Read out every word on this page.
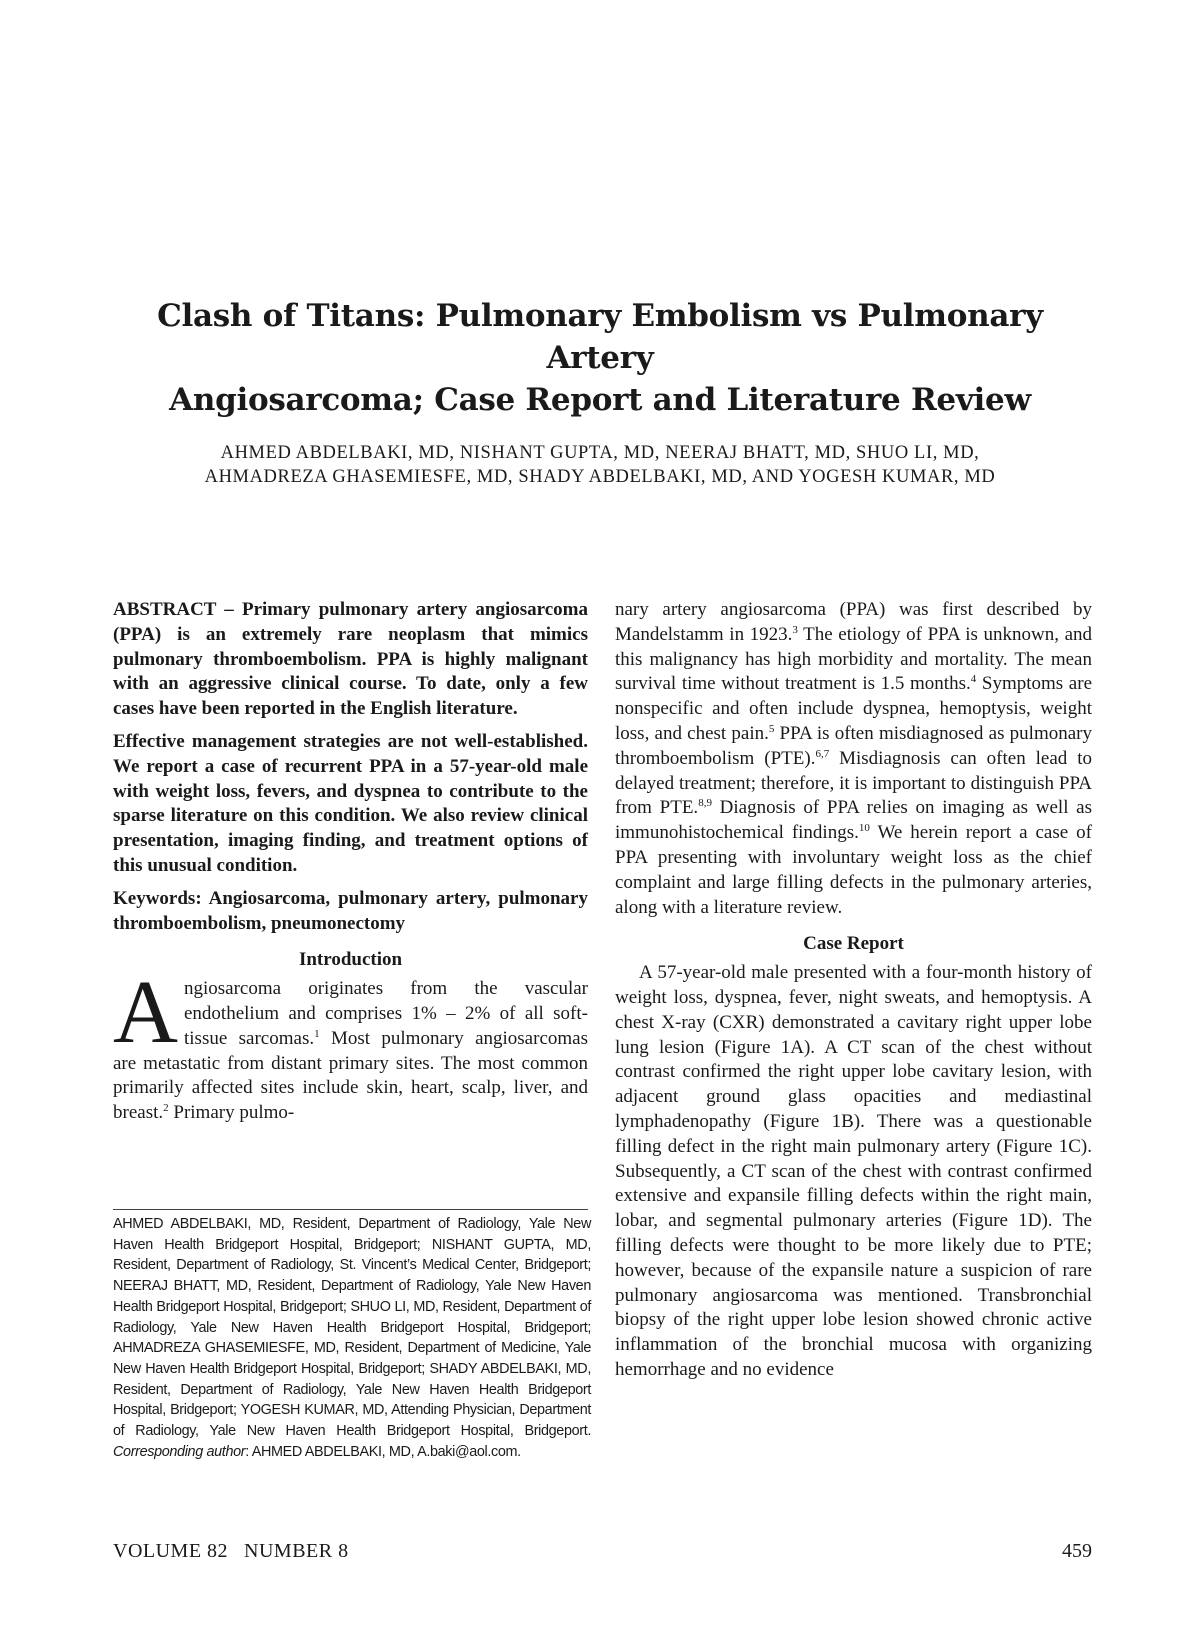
Clash of Titans: Pulmonary Embolism vs Pulmonary Artery
Angiosarcoma; Case Report and Literature Review

AHMED ABDELBAKI, MD, NISHANT GUPTA, MD, NEERAJ BHATT, MD, SHUO LI, MD,
AHMADREZA GHASEMIESFE, MD, SHADY ABDELBAKI, MD, AND YOGESH KUMAR, MD

ABSTRACT – Primary pulmonary artery angiosarcoma (PPA) is an extremely rare neoplasm that mimics pulmonary thromboembolism. PPA is highly malignant with an aggressive clinical course. To date, only a few cases have been reported in the English literature.

Effective management strategies are not well-established. We report a case of recurrent PPA in a 57-year-old male with weight loss, fevers, and dyspnea to contribute to the sparse literature on this condition. We also review clinical presentation, imaging finding, and treatment options of this unusual condition.

Keywords: Angiosarcoma, pulmonary artery, pulmonary thromboembolism, pneumonectomy

Introduction

Angiosarcoma originates from the vascular endothelium and comprises 1% – 2% of all soft-tissue sarcomas.$^1$ Most pulmonary angiosarcomas are metastatic from distant primary sites. The most common primarily affected sites include skin, heart, scalp, liver, and breast.$^2$ Primary pulmo-

AHMED ABDELBAKI, MD, Resident, Department of Radiology, Yale New Haven Health Bridgeport Hospital, Bridgeport; NISHANT GUPTA, MD, Resident, Department of Radiology, St. Vincent’s Medical Center, Bridgeport; NEERAJ BHATT, MD, Resident, Department of Radiology, Yale New Haven Health Bridgeport Hospital, Bridgeport; SHUO LI, MD, Resident, Department of Radiology, Yale New Haven Health Bridgeport Hospital, Bridgeport; AHMADREZA GHASEMIESFE, MD, Resident, Department of Medicine, Yale New Haven Health Bridgeport Hospital, Bridgeport; SHADY ABDELBAKI, MD, Resident, Department of Radiology, Yale New Haven Health Bridgeport Hospital, Bridgeport; YOGESH KUMAR, MD, Attending Physician, Department of Radiology, Yale New Haven Health Bridgeport Hospital, Bridgeport. Corresponding author: AHMED ABDELBAKI, MD, A.baki@aol.com.

nary artery angiosarcoma (PPA) was first described by Mandelstamm in 1923.$^3$ The etiology of PPA is unknown, and this malignancy has high morbidity and mortality. The mean survival time without treatment is 1.5 months.$^4$ Symptoms are nonspecific and often include dyspnea, hemoptysis, weight loss, and chest pain.$^5$ PPA is often misdiagnosed as pulmonary thromboembolism (PTE).$^{6,7}$ Misdiagnosis can often lead to delayed treatment; therefore, it is important to distinguish PPA from PTE.$^{8,9}$ Diagnosis of PPA relies on imaging as well as immunohistochemical findings.$^{10}$ We herein report a case of PPA presenting with involuntary weight loss as the chief complaint and large filling defects in the pulmonary arteries, along with a literature review.

Case Report

A 57-year-old male presented with a four-month history of weight loss, dyspnea, fever, night sweats, and hemoptysis. A chest X-ray (CXR) demonstrated a cavitary right upper lobe lung lesion (Figure 1A). A CT scan of the chest without contrast confirmed the right upper lobe cavitary lesion, with adjacent ground glass opacities and mediastinal lymphadenopathy (Figure 1B). There was a questionable filling defect in the right main pulmonary artery (Figure 1C). Subsequently, a CT scan of the chest with contrast confirmed extensive and expansile filling defects within the right main, lobar, and segmental pulmonary arteries (Figure 1D). The filling defects were thought to be more likely due to PTE; however, because of the expansile nature a suspicion of rare pulmonary angiosarcoma was mentioned. Transbronchial biopsy of the right upper lobe lesion showed chronic active inflammation of the bronchial mucosa with organizing hemorrhage and no evidence

VOLUME 82 NUMBER 8	459
